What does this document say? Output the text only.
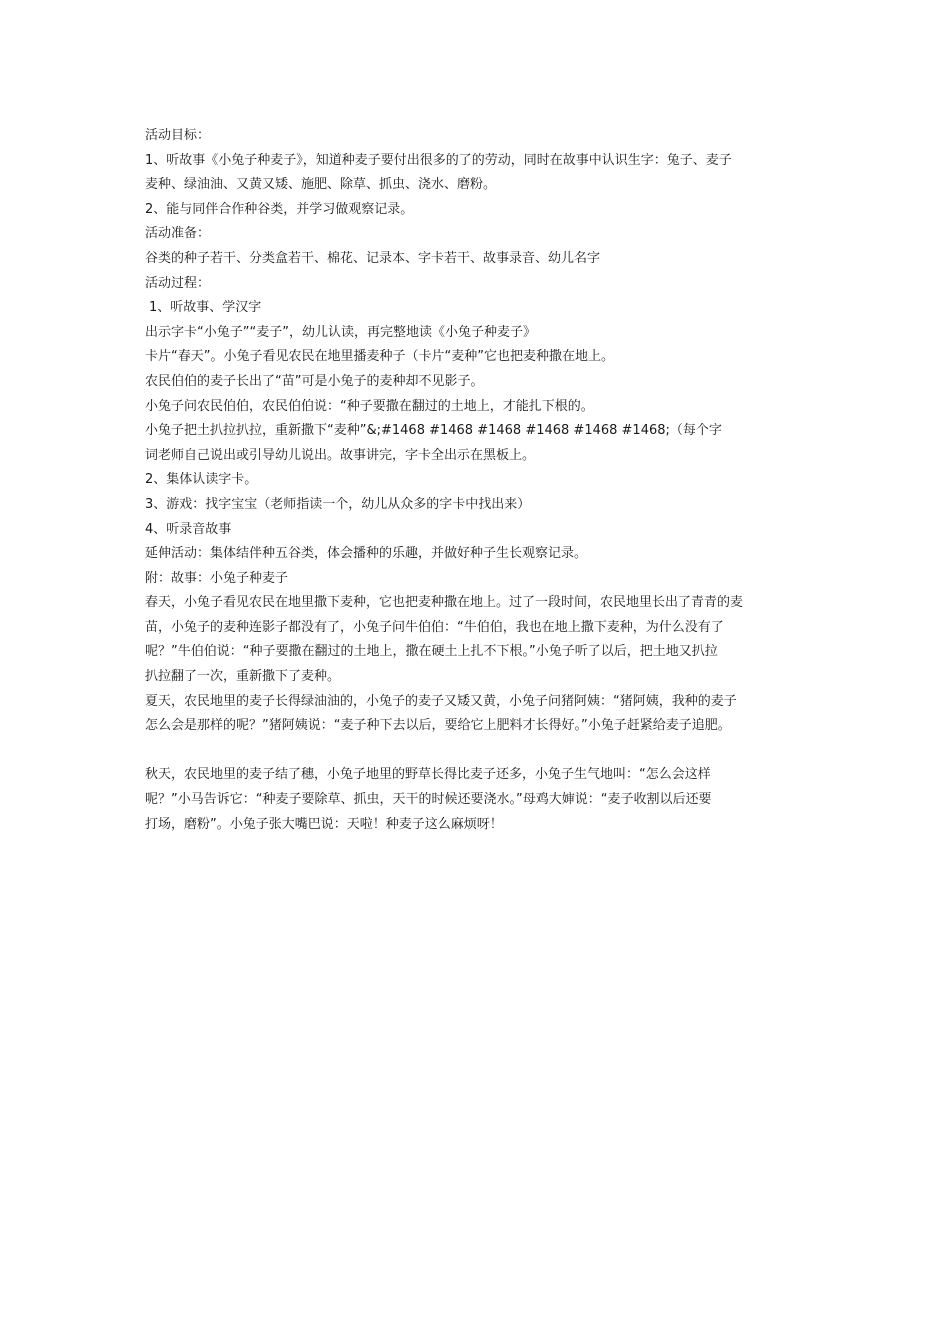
活动目标：
1、听故事《小兔子种麦子》，知道种麦子要付出很多的了的劳动，同时在故事中认识生字：兔子、麦子
麦种、绿油油、又黄又矮、施肥、除草、抓虫、浇水、磨粉。
2、能与同伴合作种谷类，并学习做观察记录。
活动准备：
谷类的种子若干、分类盒若干、棉花、记录本、字卡若干、故事录音、幼儿名字
活动过程：
1、听故事、学汉字
出示字卡“小兔子”“麦子”，幼儿认读，再完整地读《小兔子种麦子》
卡片“春天”。小兔子看见农民在地里播麦种子（卡片“麦种”它也把麦种撒在地上。
农民伯伯的麦子长出了“苗”可是小兔子的麦种却不见影子。
小兔子问农民伯伯，农民伯伯说：“种子要撒在翻过的土地上，才能扎下根的。
小兔子把土扒拉扒拉，重新撒下“麦种”&;#1468 #1468 #1468 #1468 #1468 #1468;（每个字
词老师自己说出或引导幼儿说出。故事讲完，字卡全出示在黑板上。
2、集体认读字卡。
3、游戏：找字宝宝（老师指读一个，幼儿从众多的字卡中找出来）
4、听录音故事
延伸活动：集体结伴种五谷类，体会播种的乐趣，并做好种子生长观察记录。
附：故事：小兔子种麦子
春天，小兔子看见农民在地里撒下麦种，它也把麦种撒在地上。过了一段时间，农民地里长出了青青的麦
苗，小兔子的麦种连影子都没有了，小兔子问牛伯伯：“牛伯伯，我也在地上撒下麦种，为什么没有了
呢？”牛伯伯说：“种子要撒在翻过的土地上，撒在硬土上扎不下根。”小兔子听了以后，把土地又扒拉
扒拉翻了一次，重新撒下了麦种。
夏天，农民地里的麦子长得绿油油的，小兔子的麦子又矮又黄，小兔子问猪阿姨：“猪阿姨，我种的麦子
怎么会是那样的呢？”猪阿姨说：“麦子种下去以后，要给它上肥料才长得好。”小兔子赶紧给麦子追肥。
秋天，农民地里的麦子结了穗，小兔子地里的野草长得比麦子还多，小兔子生气地叫：“怎么会这样
呢？”小马告诉它：“种麦子要除草、抓虫，天干的时候还要浇水。”母鸡大婶说：“麦子收割以后还要
打场，磨粉”。小兔子张大嘴巴说：天啦！种麦子这么麻烦呀！
